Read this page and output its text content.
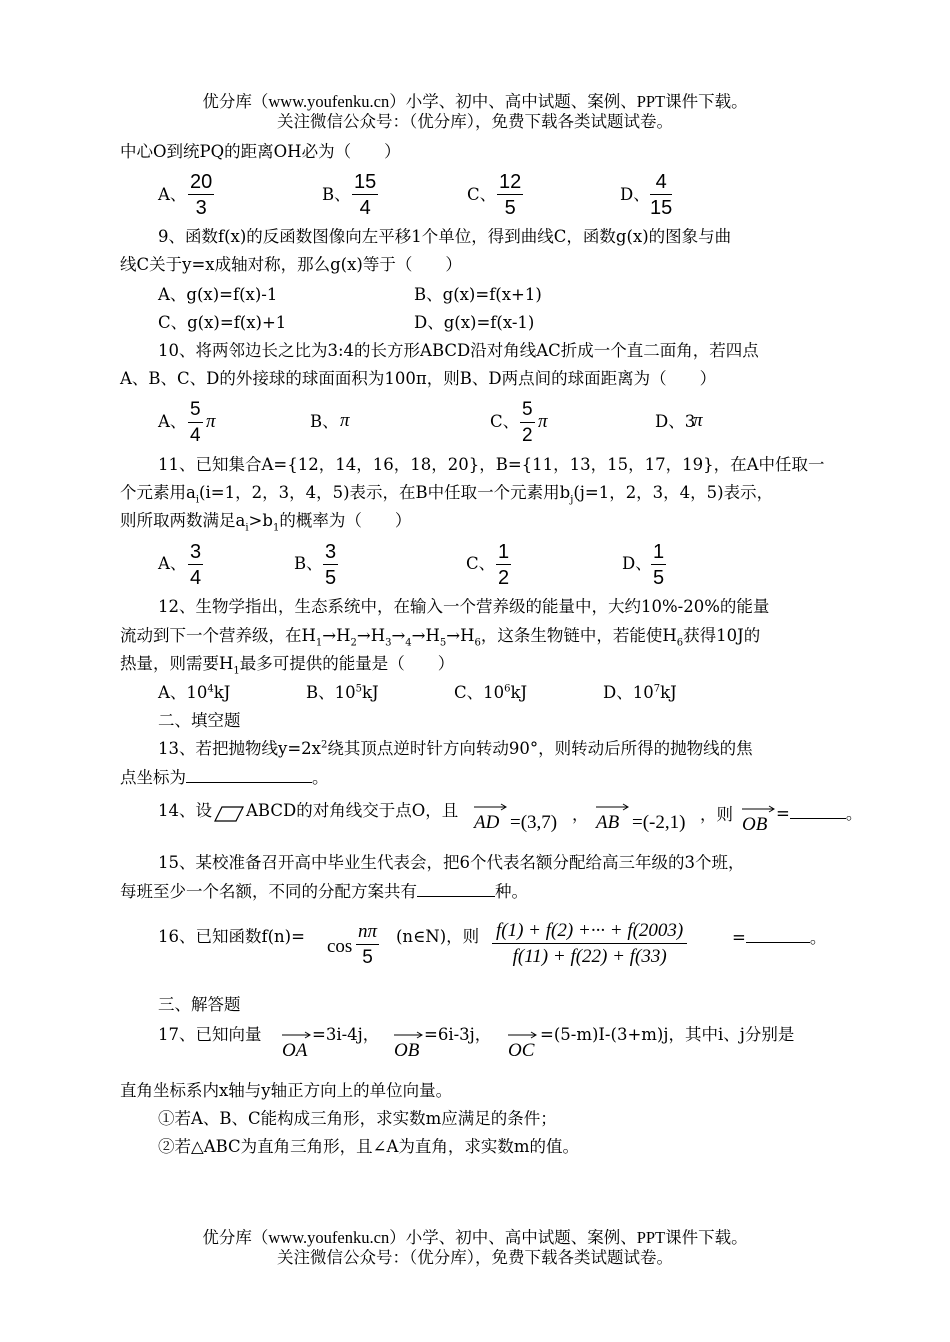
优分库（www.youfenku.cn）小学、初中、高中试题、案例、PPT课件下载。
关注微信公众号：（优分库），免费下载各类试题试卷。
中心O到统PQ的距离OH必为（　　）
A、 $\frac{20}{3}$	B、 $\frac{15}{4}$	C、 $\frac{12}{5}$	D、 $\frac{4}{15}$
9、函数f(x)的反函数图像向左平移1个单位，得到曲线C，函数g(x)的图象与曲
线C关于y=x成轴对称，那么g(x)等于（　　）
A、g(x)=f(x)-1	B、g(x)=f(x+1)
C、g(x)=f(x)+1	D、g(x)=f(x-1)
10、将两邻边长之比为3:4的长方形ABCD沿对角线AC折成一个直二面角，若四点
A、B、C、D的外接球的球面面积为100π，则B、D两点间的球面距离为（　　）
A、 $\frac{5}{4}$ π	B、 π	C、 $\frac{5}{2}$ π	D、3
π
11、已知集合A={12，14，16，18，20}，B={11，13，15，17，19}，在A中任取一
个元素用$a_i(i=1$，2，3，4，5)表示，在B中任取一个元素用$b_j(j=1$，2，3，4，5)表示，
则所取两数满足$a_i>b_1$的概率为（　　）
A、 $\frac{3}{4}$	B、 $\frac{3}{5}$	C、 $\frac{1}{2}$	D、 $\frac{1}{5}$
12、生物学指出，生态系统中，在输入一个营养级的能量中，大约10%-20%的能量
流动到下一个营养级，在$H_1\to H_2\to H_3\to_4\to H_5\to H_6$，这条生物链中，若能使$H_6$获得10J的
热量，则需要$H_1$最多可提供的能量是（　　）
A、$10^4kJ$	B、$10^5kJ$	C、$10^6kJ$	D、$10^7kJ$
二、填空题
13、若把抛物线$y=2x^2$绕其顶点逆时针方向转动90°，则转动后所得的抛物线的焦
点坐标为	。
14、设 ABCD的对角线交于点O，且
AD =(3,7) ， AB =(-2,1) ，则 OB
=	。
15、某校准备召开高中毕业生代表会，把6个代表名额分配给高三年级的3个班，
每班至少一个名额，不同的分配方案共有	种。
16、已知函数$f(n)= \cos \frac{n\pi}{5}$ (n∈N)，则 $\frac{f(1) + f(2) +\cdot\cdot\cdot + f(2003)}{f(11) + f(22) + f(33)}$	=	。
三、解答题
17、已知向量
OA
=3i-4j，
OB
=6i-3j，
OC
=(5-m)I-(3+m)j，其中i、j分别是
直角坐标系内x轴与y轴正方向上的单位向量。
①若A、B、C能构成三角形，求实数m应满足的条件；
②若△ABC为直角三角形，且∠A为直角，求实数m的值。
优分库（www.youfenku.cn）小学、初中、高中试题、案例、PPT课件下载。
关注微信公众号：（优分库），免费下载各类试题试卷。
